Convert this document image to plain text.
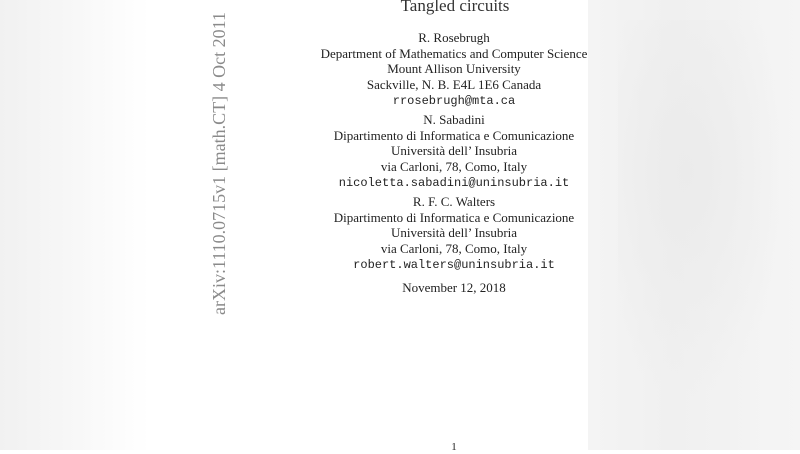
arXiv:1110.0715v1 [math.CT] 4 Oct 2011
Tangled circuits
R. Rosebrugh
Department of Mathematics and Computer Science
Mount Allison University
Sackville, N. B. E4L 1E6 Canada
rrosebrugh@mta.ca
N. Sabadini
Dipartimento di Informatica e Comunicazione
Università dell’ Insubria
via Carloni, 78, Como, Italy
nicoletta.sabadini@uninsubria.it
R. F. C. Walters
Dipartimento di Informatica e Comunicazione
Università dell’ Insubria
via Carloni, 78, Como, Italy
robert.walters@uninsubria.it
November 12, 2018
1
